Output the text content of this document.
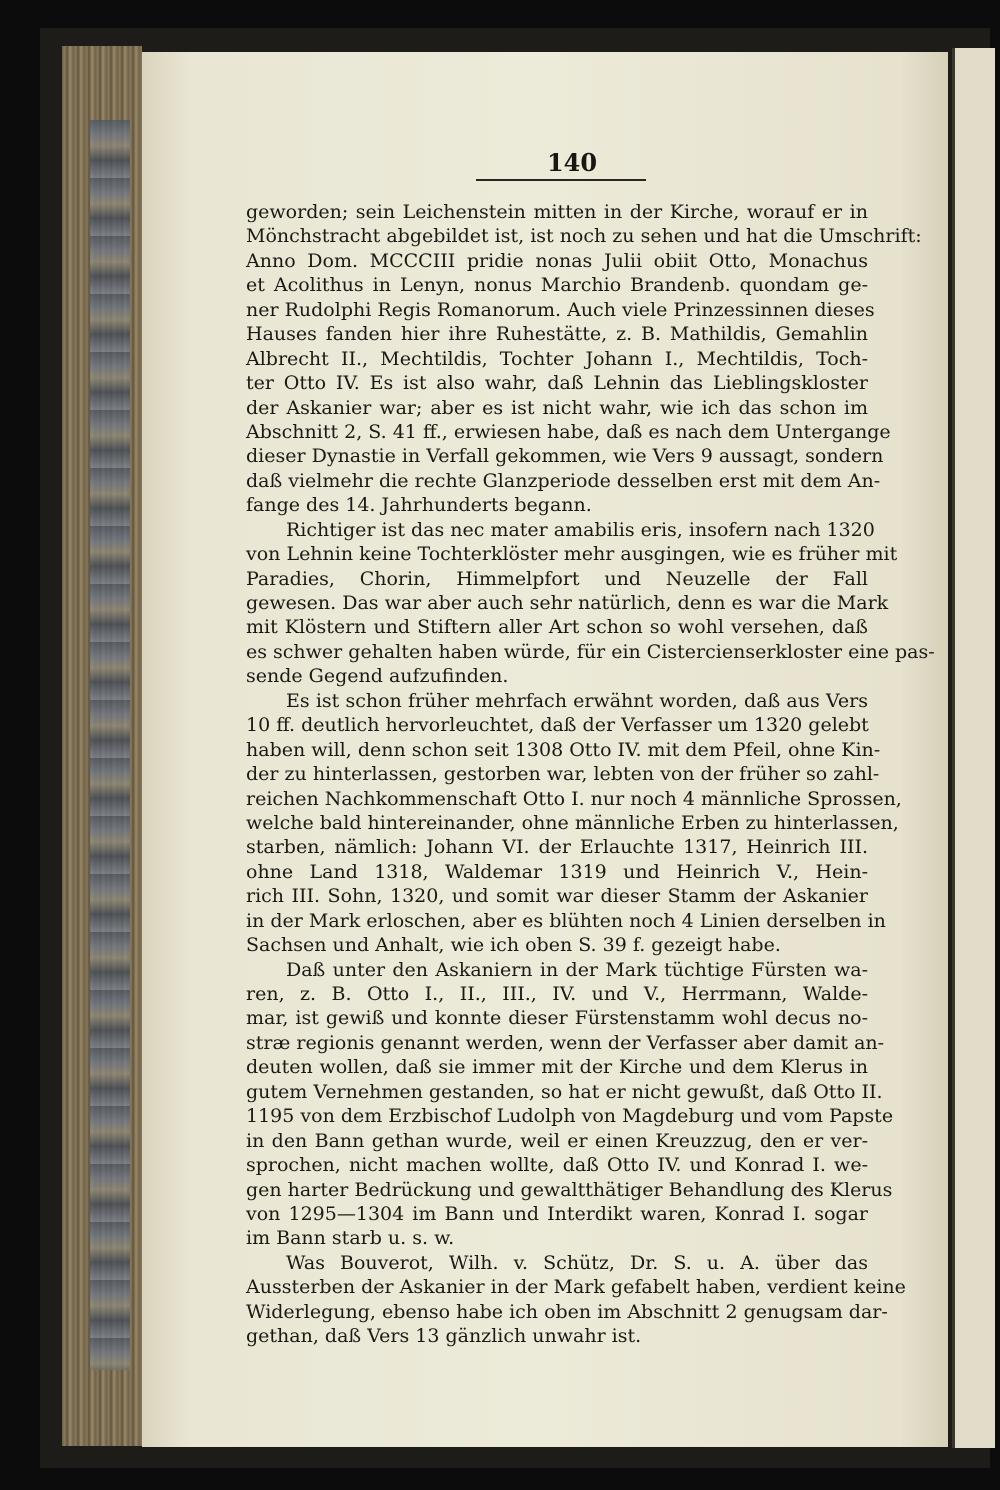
140
geworden; sein Leichenstein mitten in der Kirche, worauf er in
Mönchstracht abgebildet ist, ist noch zu sehen und hat die Umschrift:
Anno Dom. MCCCIII pridie nonas Julii obiit Otto, Monachus
et Acolithus in Lenyn, nonus Marchio Brandenb. quondam ge-
ner Rudolphi Regis Romanorum. Auch viele Prinzessinnen dieses
Hauses fanden hier ihre Ruhestätte, z. B. Mathildis, Gemahlin
Albrecht II., Mechtildis, Tochter Johann I., Mechtildis, Toch-
ter Otto IV. Es ist also wahr, daß Lehnin das Lieblingskloster
der Askanier war; aber es ist nicht wahr, wie ich das schon im
Abschnitt 2, S. 41 ff., erwiesen habe, daß es nach dem Untergange
dieser Dynastie in Verfall gekommen, wie Vers 9 aussagt, sondern
daß vielmehr die rechte Glanzperiode desselben erst mit dem An-
fange des 14. Jahrhunderts begann.
Richtiger ist das nec mater amabilis eris, insofern nach 1320
von Lehnin keine Tochterklöster mehr ausgingen, wie es früher mit
Paradies, Chorin, Himmelpfort und Neuzelle der Fall
gewesen. Das war aber auch sehr natürlich, denn es war die Mark
mit Klöstern und Stiftern aller Art schon so wohl versehen, daß
es schwer gehalten haben würde, für ein Cistercienserkloster eine pas-
sende Gegend aufzufinden.
Es ist schon früher mehrfach erwähnt worden, daß aus Vers
10 ff. deutlich hervorleuchtet, daß der Verfasser um 1320 gelebt
haben will, denn schon seit 1308 Otto IV. mit dem Pfeil, ohne Kin-
der zu hinterlassen, gestorben war, lebten von der früher so zahl-
reichen Nachkommenschaft Otto I. nur noch 4 männliche Sprossen,
welche bald hintereinander, ohne männliche Erben zu hinterlassen,
starben, nämlich: Johann VI. der Erlauchte 1317, Heinrich III.
ohne Land 1318, Waldemar 1319 und Heinrich V., Hein-
rich III. Sohn, 1320, und somit war dieser Stamm der Askanier
in der Mark erloschen, aber es blühten noch 4 Linien derselben in
Sachsen und Anhalt, wie ich oben S. 39 f. gezeigt habe.
Daß unter den Askaniern in der Mark tüchtige Fürsten wa-
ren, z. B. Otto I., II., III., IV. und V., Herrmann, Walde-
mar, ist gewiß und konnte dieser Fürstenstamm wohl decus no-
stræ regionis genannt werden, wenn der Verfasser aber damit an-
deuten wollen, daß sie immer mit der Kirche und dem Klerus in
gutem Vernehmen gestanden, so hat er nicht gewußt, daß Otto II.
1195 von dem Erzbischof Ludolph von Magdeburg und vom Papste
in den Bann gethan wurde, weil er einen Kreuzzug, den er ver-
sprochen, nicht machen wollte, daß Otto IV. und Konrad I. we-
gen harter Bedrückung und gewaltthätiger Behandlung des Klerus
von 1295—1304 im Bann und Interdikt waren, Konrad I. sogar
im Bann starb u. s. w.
Was Bouverot, Wilh. v. Schütz, Dr. S. u. A. über das
Aussterben der Askanier in der Mark gefabelt haben, verdient keine
Widerlegung, ebenso habe ich oben im Abschnitt 2 genugsam dar-
gethan, daß Vers 13 gänzlich unwahr ist.
